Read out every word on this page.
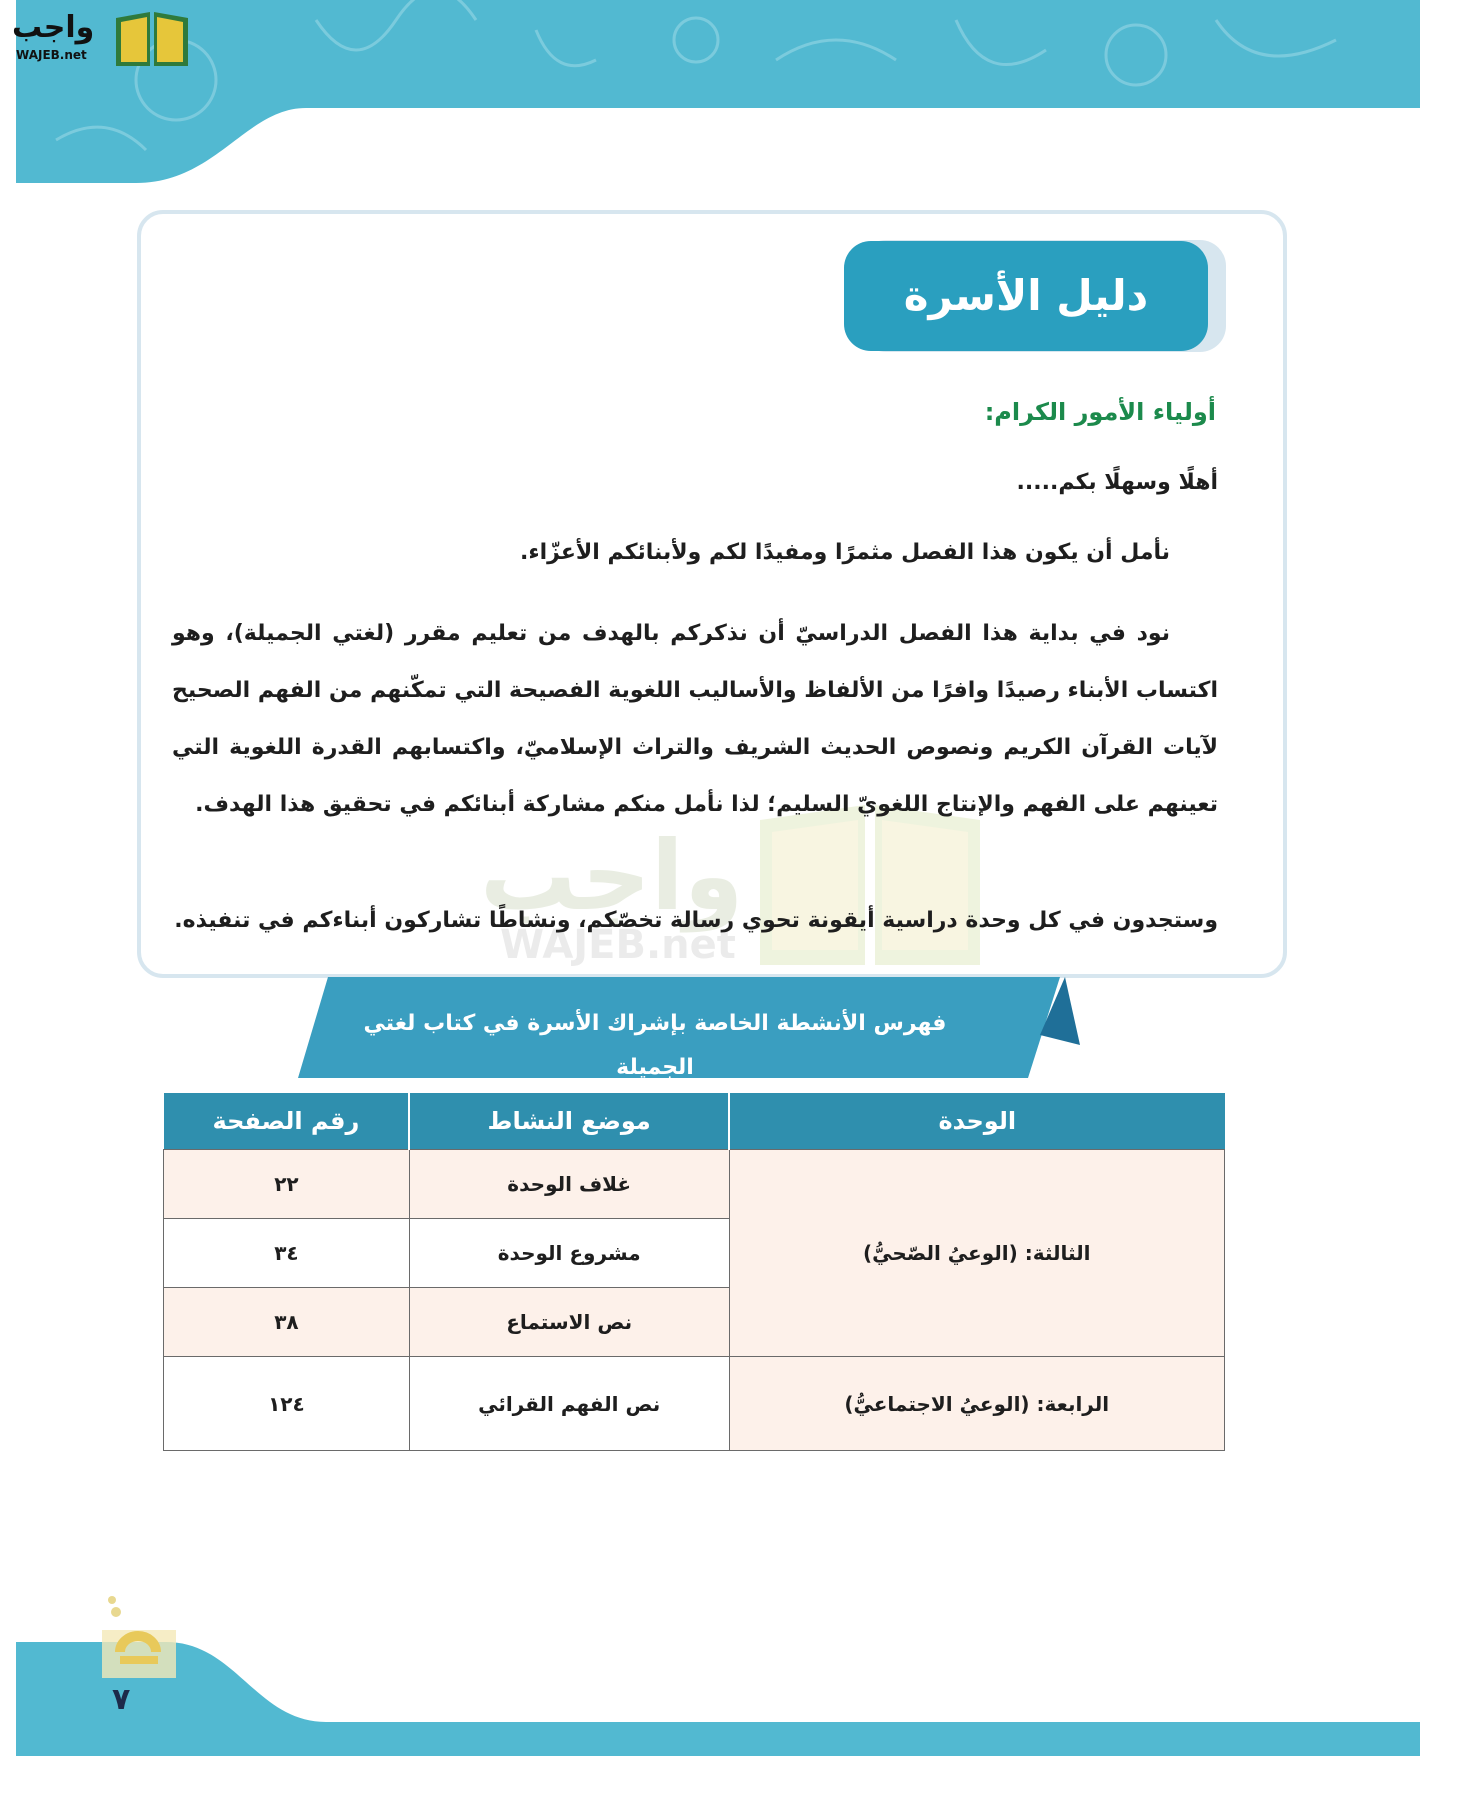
واجب
WAJEB.net
دليل الأسرة
واجب
WAJEB.net
أولياء الأمور الكرام:
أهلًا وسهلًا بكم.....
نأمل أن يكون هذا الفصل مثمرًا ومفيدًا لكم ولأبنائكم الأعزّاء.
نود في بداية هذا الفصل الدراسيّ أن نذكركم بالهدف من تعليم مقرر (لغتي الجميلة)، وهو اكتساب الأبناء رصيدًا وافرًا من الألفاظ والأساليب اللغوية الفصيحة التي تمكّنهم من الفهم الصحيح لآيات القرآن الكريم ونصوص الحديث الشريف والتراث الإسلاميّ، واكتسابهم القدرة اللغوية التي تعينهم على الفهم والإنتاج اللغويّ السليم؛ لذا نأمل منكم مشاركة أبنائكم في تحقيق هذا الهدف.
وستجدون في كل وحدة دراسية أيقونة تحوي رسالة تخصّكم، ونشاطًا تشاركون أبناءكم في تنفيذه.
فهرس الأنشطة الخاصة بإشراك الأسرة في كتاب لغتي الجميلة
الوحدة	موضع النشاط	رقم الصفحة
الثالثة: (الوعيُ الصّحيُّ)	غلاف الوحدة	٢٢
	مشروع الوحدة	٣٤
	نص الاستماع	٣٨
الرابعة: (الوعيُ الاجتماعيُّ)	نص الفهم القرائي	١٢٤
٧
